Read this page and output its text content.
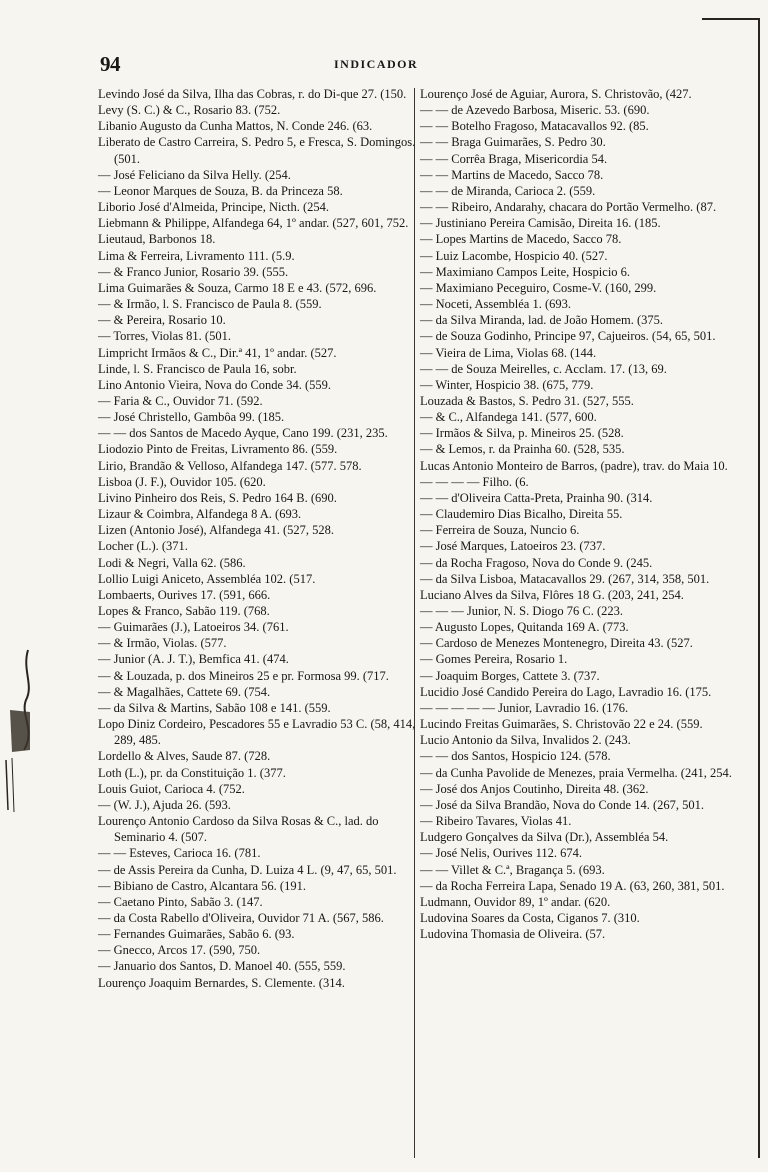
94	INDICADOR
Levindo José da Silva, Ilha das Cobras, r. do Di-que 27. (150.
Levy (S. C.) & C., Rosario 83. (752.
Libanio Augusto da Cunha Mattos, N. Conde 246. (63.
Liberato de Castro Carreira, S. Pedro 5, e Fresca, S. Domingos. (501.
— José Feliciano da Silva Helly. (254.
— Leonor Marques de Souza, B. da Princeza 58.
Liborio José d'Almeida, Principe, Nicth. (254.
Liebmann & Philippe, Alfandega 64, 1º andar. (527, 601, 752.
Lieutaud, Barbonos 18.
Lima & Ferreira, Livramento 111. (5.9.
— & Franco Junior, Rosario 39. (555.
Lima Guimarães & Souza, Carmo 18 E e 43. (572, 696.
— & Irmão, l. S. Francisco de Paula 8. (559.
— & Pereira, Rosario 10.
— Torres, Violas 81. (501.
Limpricht Irmãos & C., Dir.ª 41, 1º andar. (527.
Linde, l. S. Francisco de Paula 16, sobr.
Lino Antonio Vieira, Nova do Conde 34. (559.
— Faria & C., Ouvidor 71. (592.
— José Christello, Gambôa 99. (185.
— — dos Santos de Macedo Ayque, Cano 199. (231, 235.
Liodozio Pinto de Freitas, Livramento 86. (559.
Lirio, Brandão & Velloso, Alfandega 147. (577. 578.
Lisboa (J. F.), Ouvidor 105. (620.
Livino Pinheiro dos Reis, S. Pedro 164 B. (690.
Lizaur & Coimbra, Alfandega 8 A. (693.
Lizen (Antonio José), Alfandega 41. (527, 528.
Locher (L.). (371.
Lodi & Negri, Valla 62. (586.
Lollio Luigi Aniceto, Assembléa 102. (517.
Lombaerts, Ourives 17. (591, 666.
Lopes & Franco, Sabão 119. (768.
— Guimarães (J.), Latoeiros 34. (761.
— & Irmão, Violas. (577.
— Junior (A. J. T.), Bemfica 41. (474.
— & Louzada, p. dos Mineiros 25 e pr. Formosa 99. (717.
— & Magalhães, Cattete 69. (754.
— da Silva & Martins, Sabão 108 e 141. (559.
Lopo Diniz Cordeiro, Pescadores 55 e Lavradio 53 C. (58, 414, 289, 485.
Lordello & Alves, Saude 87. (728.
Loth (L.), pr. da Constituição 1. (377.
Louis Guiot, Carioca 4. (752.
— (W. J.), Ajuda 26. (593.
Lourenço Antonio Cardoso da Silva Rosas & C., lad. do Seminario 4. (507.
— — Esteves, Carioca 16. (781.
— de Assis Pereira da Cunha, D. Luiza 4 L. (9, 47, 65, 501.
— Bibiano de Castro, Alcantara 56. (191.
— Caetano Pinto, Sabão 3. (147.
— da Costa Rabello d'Oliveira, Ouvidor 71 A. (567, 586.
— Fernandes Guimarães, Sabão 6. (93.
— Gnecco, Arcos 17. (590, 750.
— Januario dos Santos, D. Manoel 40. (555, 559.
Lourenço Joaquim Bernardes, S. Clemente. (314.
Lourenço José de Aguiar, Aurora, S. Christovão, (427.
— — de Azevedo Barbosa, Miseric. 53. (690.
— — Botelho Fragoso, Matacavallos 92. (85.
— — Braga Guimarães, S. Pedro 30.
— — Corrêa Braga, Misericordia 54.
— — Martins de Macedo, Sacco 78.
— — de Miranda, Carioca 2. (559.
— — Ribeiro, Andarahy, chacara do Portão Vermelho. (87.
— Justiniano Pereira Camisão, Direita 16. (185.
— Lopes Martins de Macedo, Sacco 78.
— Luiz Lacombe, Hospicio 40. (527.
— Maximiano Campos Leite, Hospicio 6.
— Maximiano Peceguiro, Cosme-V. (160, 299.
— Noceti, Assembléa 1. (693.
— da Silva Miranda, lad. de João Homem. (375.
— de Souza Godinho, Principe 97, Cajueiros. (54, 65, 501.
— Vieira de Lima, Violas 68. (144.
— — de Souza Meirelles, c. Acclam. 17. (13, 69.
— Winter, Hospicio 38. (675, 779.
Louzada & Bastos, S. Pedro 31. (527, 555.
— & C., Alfandega 141. (577, 600.
— Irmãos & Silva, p. Mineiros 25. (528.
— & Lemos, r. da Prainha 60. (528, 535.
Lucas Antonio Monteiro de Barros, (padre), trav. do Maia 10.
— — — — Filho. (6.
— — d'Oliveira Catta-Preta, Prainha 90. (314.
— Claudemiro Dias Bicalho, Direita 55.
— Ferreira de Souza, Nuncio 6.
— José Marques, Latoeiros 23. (737.
— da Rocha Fragoso, Nova do Conde 9. (245.
— da Silva Lisboa, Matacavallos 29. (267, 314, 358, 501.
Luciano Alves da Silva, Flôres 18 G. (203, 241, 254.
— — — Junior, N. S. Diogo 76 C. (223.
— Augusto Lopes, Quitanda 169 A. (773.
— Cardoso de Menezes Montenegro, Direita 43. (527.
— Gomes Pereira, Rosario 1.
— Joaquim Borges, Cattete 3. (737.
Lucidio José Candido Pereira do Lago, Lavradio 16. (175.
— — — — — Junior, Lavradio 16. (176.
Lucindo Freitas Guimarães, S. Christovão 22 e 24. (559.
Lucio Antonio da Silva, Invalidos 2. (243.
— — dos Santos, Hospicio 124. (578.
— da Cunha Pavolide de Menezes, praia Vermelha. (241, 254.
— José dos Anjos Coutinho, Direita 48. (362.
— José da Silva Brandão, Nova do Conde 14. (267, 501.
— Ribeiro Tavares, Violas 41.
Ludgero Gonçalves da Silva (Dr.), Assembléa 54.
— José Nelis, Ourives 112. 674.
— — Villet & C.ª, Bragança 5. (693.
— da Rocha Ferreira Lapa, Senado 19 A. (63, 260, 381, 501.
Ludmann, Ouvidor 89, 1º andar. (620.
Ludovina Soares da Costa, Ciganos 7. (310.
Ludovina Thomasia de Oliveira. (57.
